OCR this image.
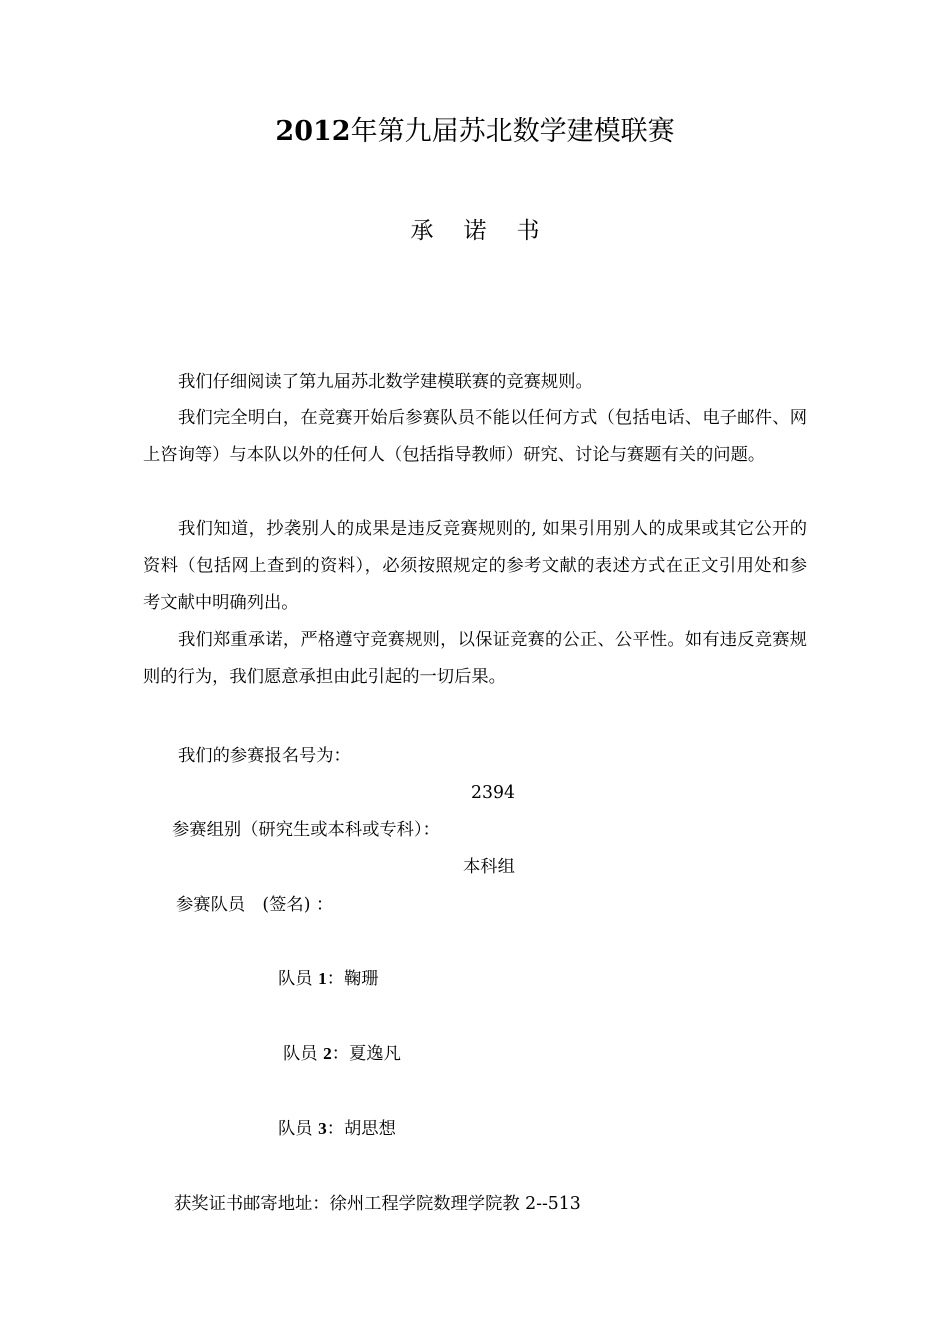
2012年第九届苏北数学建模联赛
承诺书

我们仔细阅读了第九届苏北数学建模联赛的竞赛规则。

我们完全明白，在竞赛开始后参赛队员不能以任何方式（包括电话、电子邮件、网上咨询等）与本队以外的任何人（包括指导教师）研究、讨论与赛题有关的问题。

我们知道，抄袭别人的成果是违反竞赛规则的, 如果引用别人的成果或其它公开的资料（包括网上查到的资料），必须按照规定的参考文献的表述方式在正文引用处和参考文献中明确列出。

我们郑重承诺，严格遵守竞赛规则，以保证竞赛的公正、公平性。如有违反竞赛规则的行为，我们愿意承担由此引起的一切后果。

我们的参赛报名号为：
2394
参赛组别（研究生或本科或专科）：
本科组
参赛队员　(签名) ：
队员 1：鞠珊
队员 2：夏逸凡
队员 3：胡思想
获奖证书邮寄地址：徐州工程学院数理学院教 2--513
